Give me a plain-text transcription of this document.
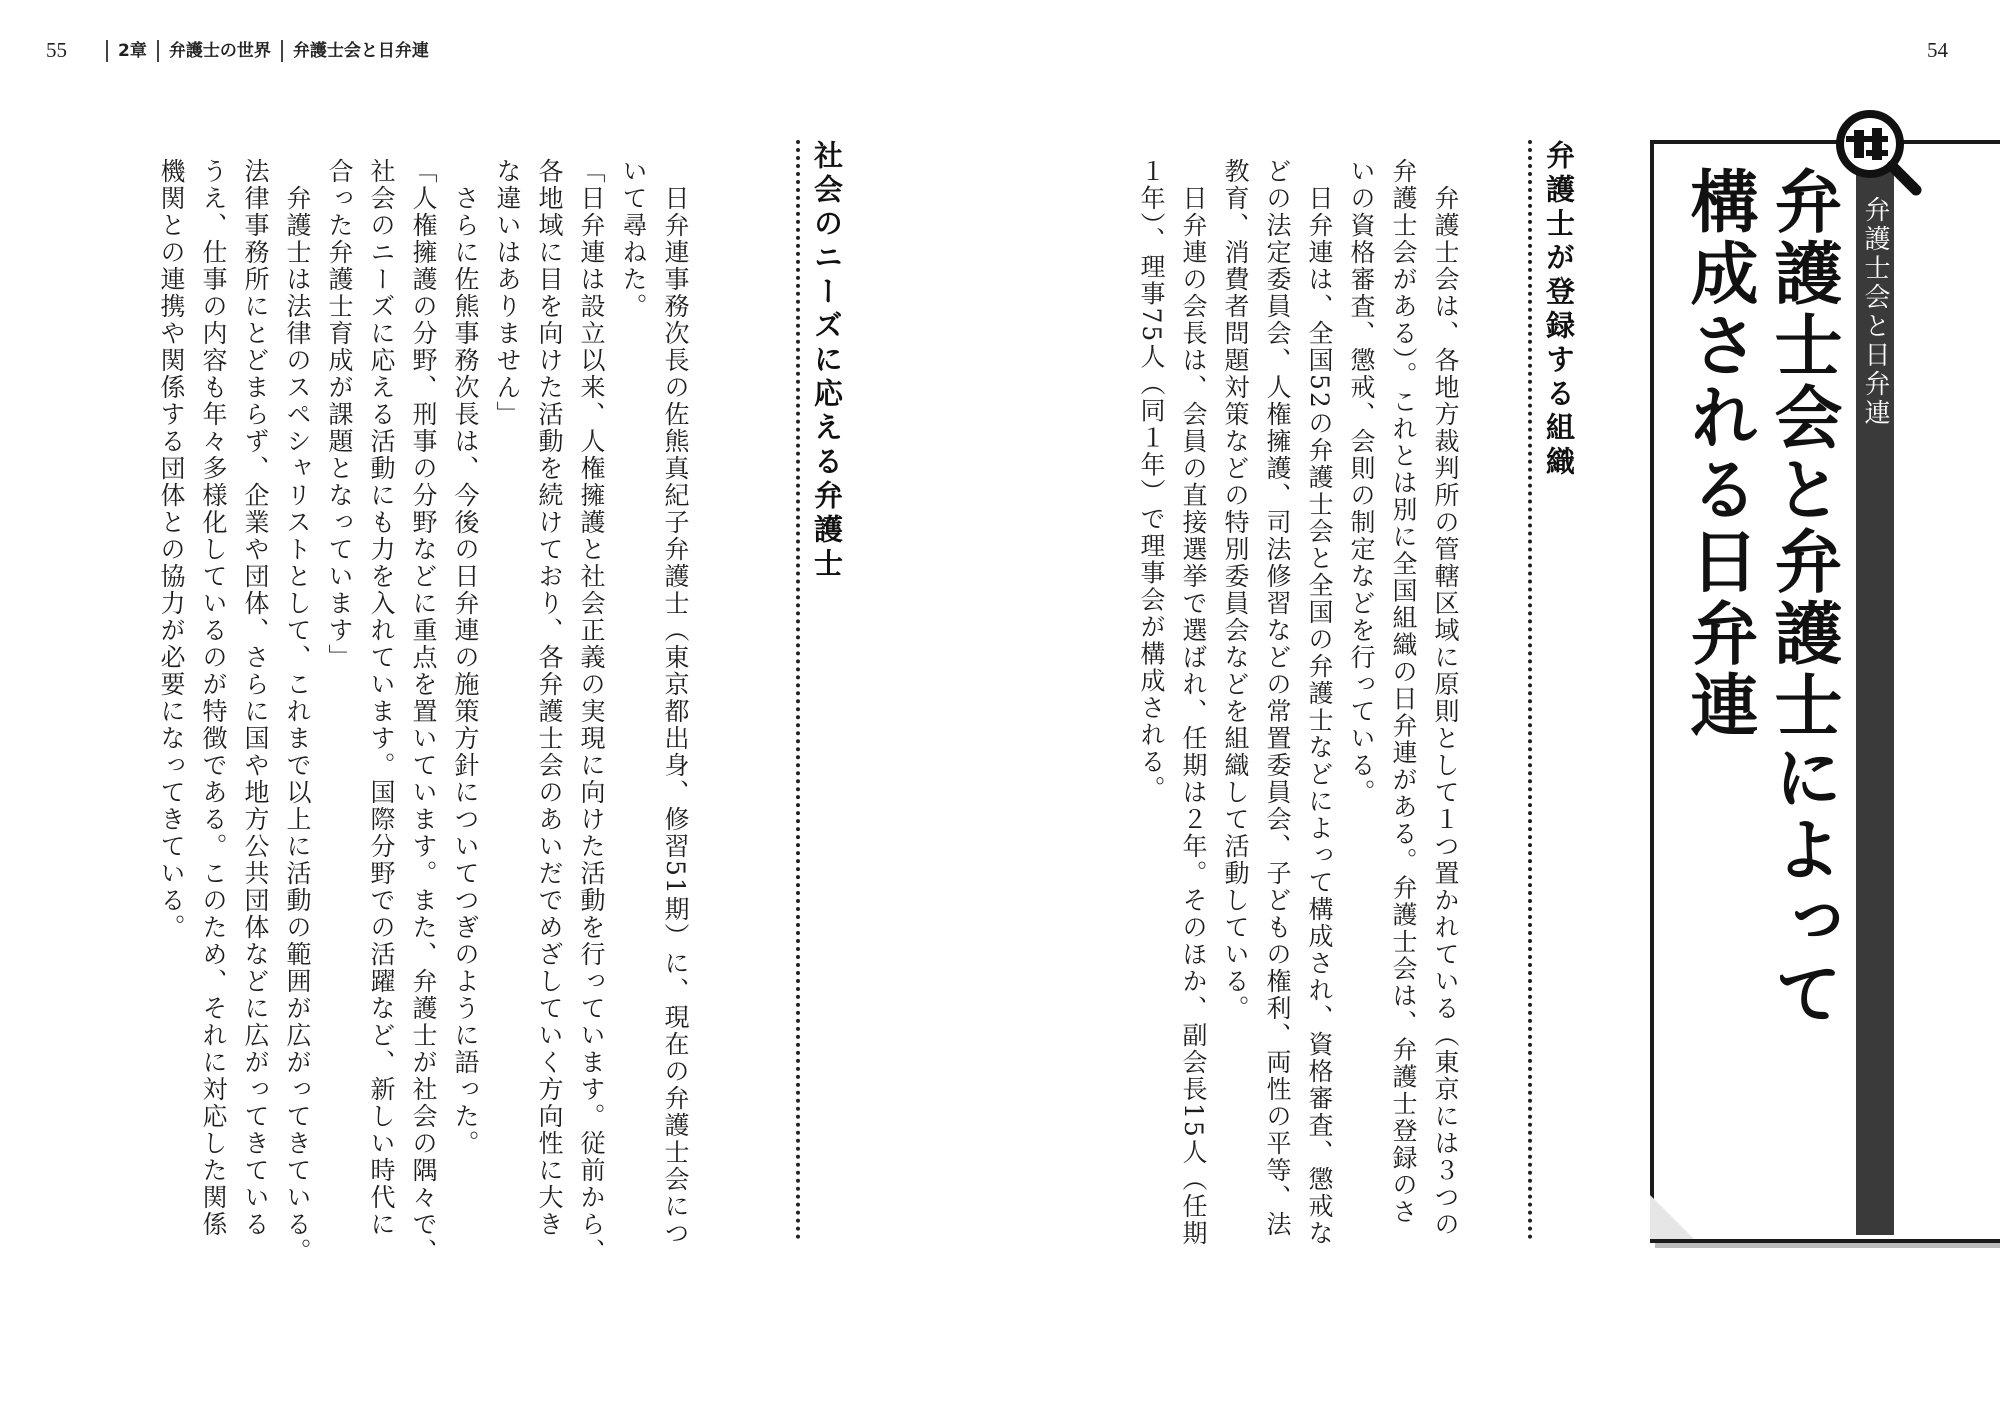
55	2章	弁護士の世界	弁護士会と日弁連	54
弁護士会と日弁連
弁護士会と弁護士によって
構成される日弁連
弁護士が登録する組織

　弁護士会は、各地方裁判所の管轄区域に原則として１つ置かれている（東京には３つの
弁護士会がある）。これとは別に全国組織の日弁連がある。弁護士会は、弁護士登録のさ
いの資格審査、懲戒、会則の制定などを行っている。

　日弁連は、全国52の弁護士会と全国の弁護士などによって構成され、資格審査、懲戒な
どの法定委員会、人権擁護、司法修習などの常置委員会、子どもの権利、両性の平等、法
教育、消費者問題対策などの特別委員会などを組織して活動している。

　日弁連の会長は、会員の直接選挙で選ばれ、任期は２年。そのほか、副会長15人（任期
１年）、理事75人（同１年）で理事会が構成される。

社会のニーズに応える弁護士

　日弁連事務次長の佐熊真紀子弁護士（東京都出身、修習51期）に、現在の弁護士会につ
いて尋ねた。

「日弁連は設立以来、人権擁護と社会正義の実現に向けた活動を行っています。従前から、
各地域に目を向けた活動を続けており、各弁護士会のあいだでめざしていく方向性に大き
な違いはありません」

　さらに佐熊事務次長は、今後の日弁連の施策方針についてつぎのように語った。

「人権擁護の分野、刑事の分野などに重点を置いています。また、弁護士が社会の隅々で、
社会のニーズに応える活動にも力を入れています。国際分野での活躍など、新しい時代に
合った弁護士育成が課題となっています」

　弁護士は法律のスペシャリストとして、これまで以上に活動の範囲が広がってきている。
法律事務所にとどまらず、企業や団体、さらに国や地方公共団体などに広がってきている
うえ、仕事の内容も年々多様化しているのが特徴である。このため、それに対応した関係
機関との連携や関係する団体との協力が必要になってきている。
